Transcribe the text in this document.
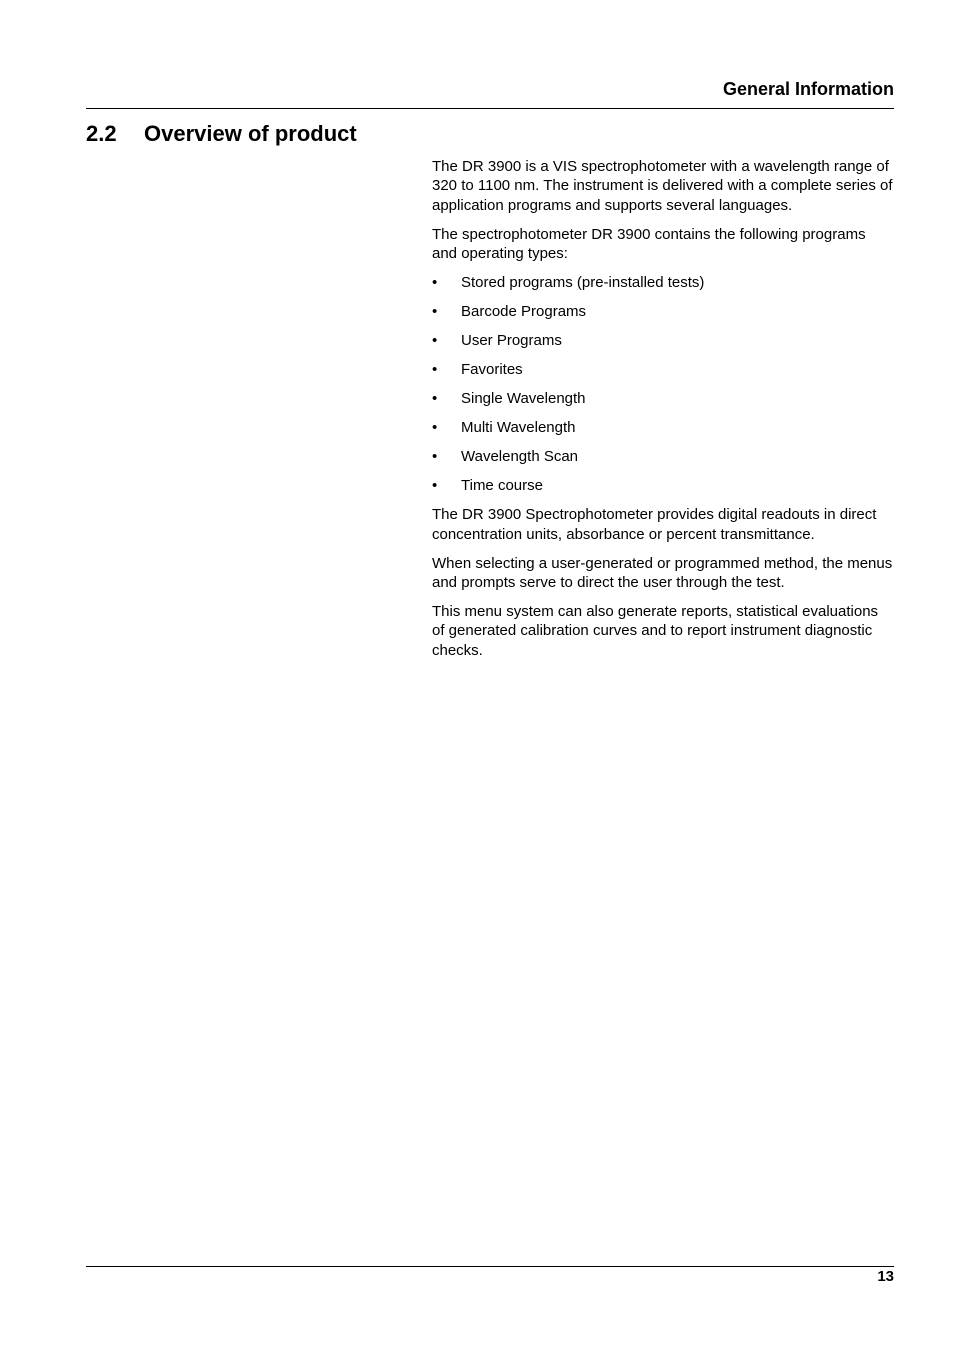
General Information
2.2 Overview of product

The DR 3900 is a VIS spectrophotometer with a wavelength range of 320 to 1100 nm. The instrument is delivered with a complete series of application programs and supports several languages.

The spectrophotometer DR 3900 contains the following programs and operating types:

• Stored programs (pre-installed tests)
• Barcode Programs
• User Programs
• Favorites
• Single Wavelength
• Multi Wavelength
• Wavelength Scan
• Time course

The DR 3900 Spectrophotometer provides digital readouts in direct concentration units, absorbance or percent transmittance.

When selecting a user-generated or programmed method, the menus and prompts serve to direct the user through the test.

This menu system can also generate reports, statistical evaluations of generated calibration curves and to report instrument diagnostic checks.

13
